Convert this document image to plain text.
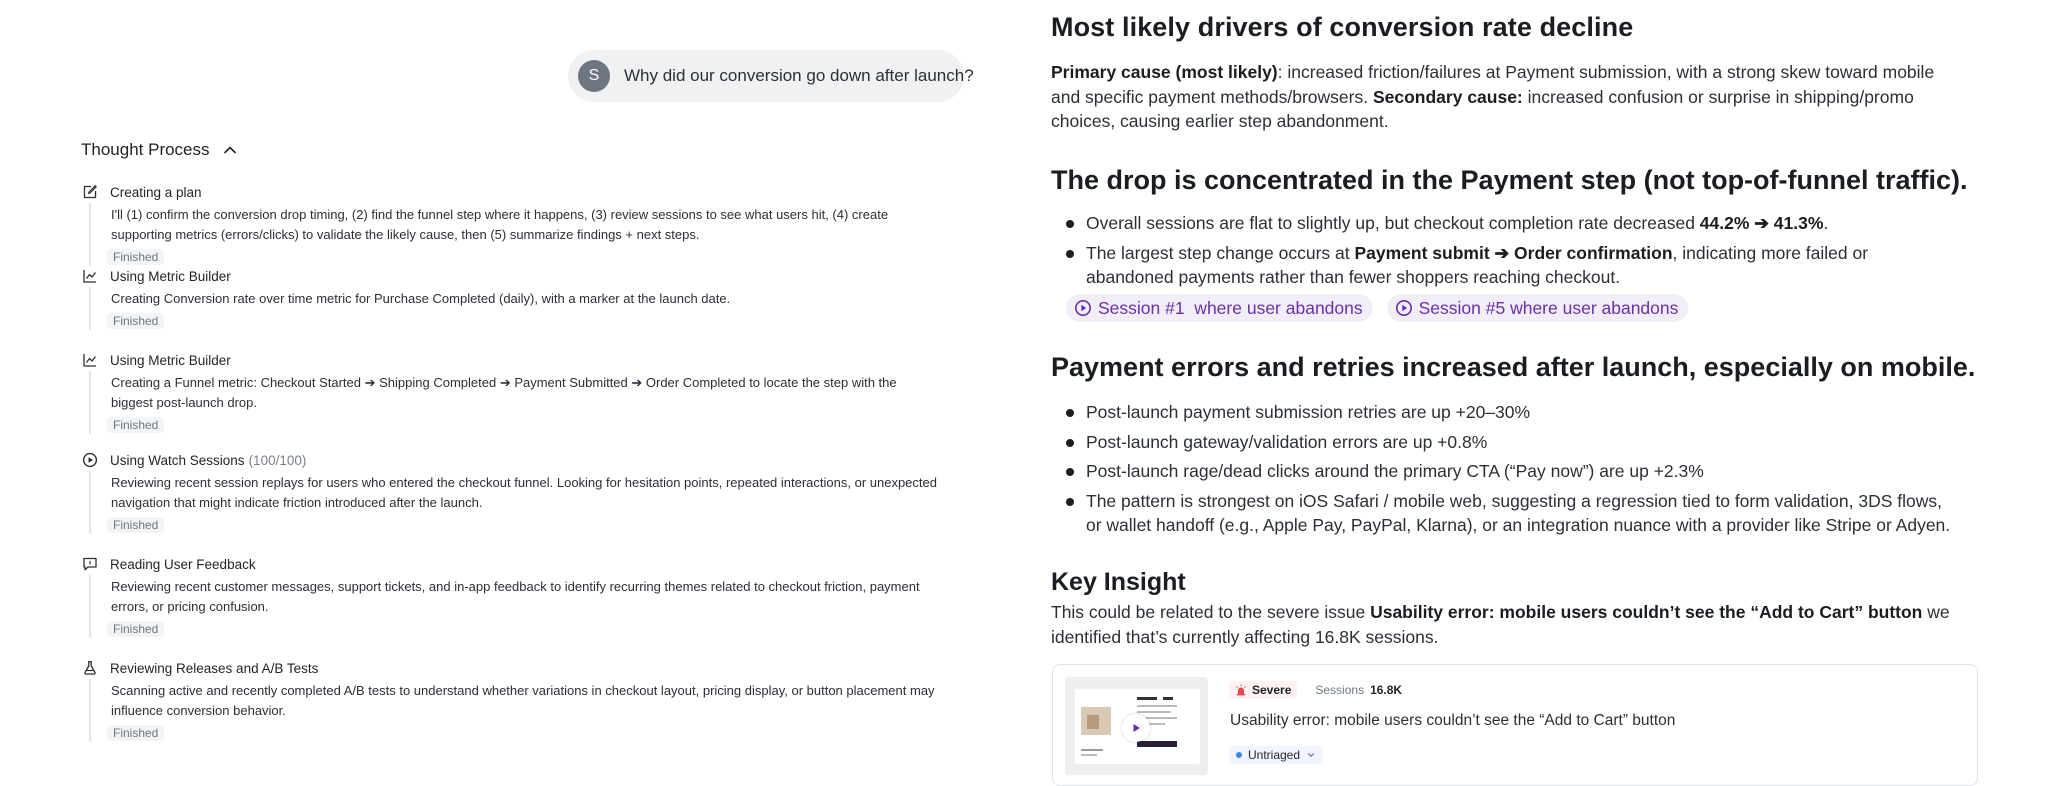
S	Why did our conversion go down after launch?
Thought Process
Creating a plan
I'll (1) confirm the conversion drop timing, (2) find the funnel step where it happens, (3) review sessions to see what users hit, (4) create supporting metrics (errors/clicks) to validate the likely cause, then (5) summarize findings + next steps.
Finished
Using Metric Builder
Creating Conversion rate over time metric for Purchase Completed (daily), with a marker at the launch date.
Finished
Using Metric Builder
Creating a Funnel metric: Checkout Started ➔ Shipping Completed ➔ Payment Submitted ➔ Order Completed to locate the step with the biggest post-launch drop.
Finished
Using Watch Sessions (100/100)
Reviewing recent session replays for users who entered the checkout funnel. Looking for hesitation points, repeated interactions, or unexpected navigation that might indicate friction introduced after the launch.
Finished
Reading User Feedback
Reviewing recent customer messages, support tickets, and in-app feedback to identify recurring themes related to checkout friction, payment errors, or pricing confusion.
Finished
Reviewing Releases and A/B Tests
Scanning active and recently completed A/B tests to understand whether variations in checkout layout, pricing display, or button placement may influence conversion behavior.
Finished
Most likely drivers of conversion rate decline

Primary cause (most likely): increased friction/failures at Payment submission, with a strong skew toward mobile and specific payment methods/browsers. Secondary cause: increased confusion or surprise in shipping/promo choices, causing earlier step abandonment.

The drop is concentrated in the Payment step (not top-of-funnel traffic).
Overall sessions are flat to slightly up, but checkout completion rate decreased 44.2% ➔ 41.3%.
The largest step change occurs at Payment submit ➔ Order confirmation, indicating more failed or abandoned payments rather than fewer shoppers reaching checkout.
Session #1  where user abandons	Session #5 where user abandons
Payment errors and retries increased after launch, especially on mobile.
Post-launch payment submission retries are up +20–30%
Post-launch gateway/validation errors are up +0.8%
Post-launch rage/dead clicks around the primary CTA (“Pay now”) are up +2.3%
The pattern is strongest on iOS Safari / mobile web, suggesting a regression tied to form validation, 3DS flows, or wallet handoff (e.g., Apple Pay, PayPal, Klarna), or an integration nuance with a provider like Stripe or Adyen.
Key Insight

This could be related to the severe issue Usability error: mobile users couldn’t see the “Add to Cart” button we identified that’s currently affecting 16.8K sessions.

Severe Sessions 16.8K
Usability error: mobile users couldn’t see the “Add to Cart” button
Untriaged
